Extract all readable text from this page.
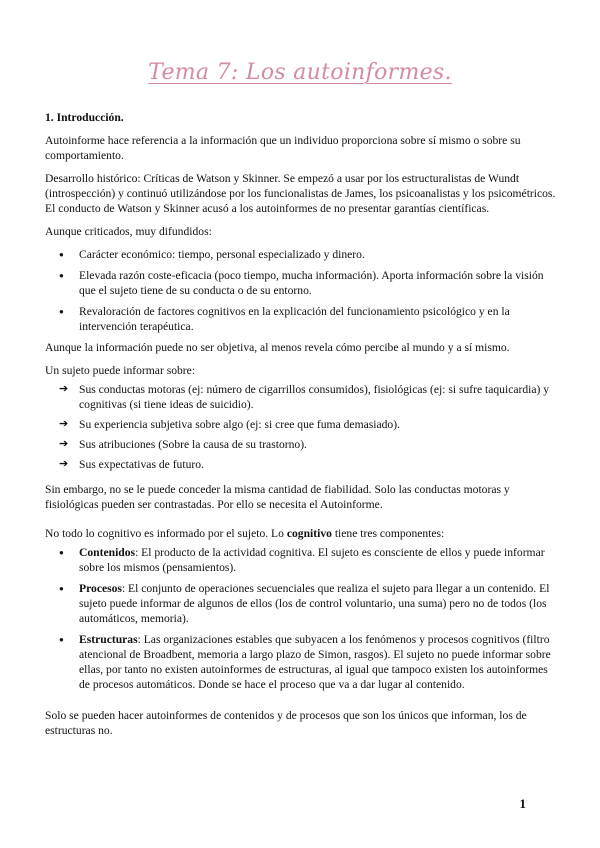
Tema 7: Los autoinformes.

1. Introducción.

Autoinforme hace referencia a la información que un individuo proporciona sobre sí mismo o sobre su comportamiento.

Desarrollo histórico: Críticas de Watson y Skinner. Se empezó a usar por los estructuralistas de Wundt (introspección) y continuó utilizándose por los funcionalistas de James, los psicoanalistas y los psicométricos. El conducto de Watson y Skinner acusó a los autoinformes de no presentar garantías científicas.

Aunque criticados, muy difundidos:

● Carácter económico: tiempo, personal especializado y dinero.
● Elevada razón coste-eficacia (poco tiempo, mucha información). Aporta información sobre la visión que el sujeto tiene de su conducta o de su entorno.
● Revaloración de factores cognitivos en la explicación del funcionamiento psicológico y en la intervención terapéutica.

Aunque la información puede no ser objetiva, al menos revela cómo percibe al mundo y a sí mismo.

Un sujeto puede informar sobre:

➔ Sus conductas motoras (ej: número de cigarrillos consumidos), fisiológicas (ej: si sufre taquicardia) y cognitivas (si tiene ideas de suicidio).
➔ Su experiencia subjetiva sobre algo (ej: si cree que fuma demasiado).
➔ Sus atribuciones (Sobre la causa de su trastorno).
➔ Sus expectativas de futuro.

Sin embargo, no se le puede conceder la misma cantidad de fiabilidad. Solo las conductas motoras y fisiológicas pueden ser contrastadas. Por ello se necesita el Autoinforme.

No todo lo cognitivo es informado por el sujeto. Lo cognitivo tiene tres componentes:

● Contenidos: El producto de la actividad cognitiva. El sujeto es consciente de ellos y puede informar sobre los mismos (pensamientos).
● Procesos: El conjunto de operaciones secuenciales que realiza el sujeto para llegar a un contenido. El sujeto puede informar de algunos de ellos (los de control voluntario, una suma) pero no de todos (los automáticos, memoria).
● Estructuras: Las organizaciones estables que subyacen a los fenómenos y procesos cognitivos (filtro atencional de Broadbent, memoria a largo plazo de Simon, rasgos). El sujeto no puede informar sobre ellas, por tanto no existen autoinformes de estructuras, al igual que tampoco existen los autoinformes de procesos automáticos. Donde se hace el proceso que va a dar lugar al contenido.

Solo se pueden hacer autoinformes de contenidos y de procesos que son los únicos que informan, los de estructuras no.

1
